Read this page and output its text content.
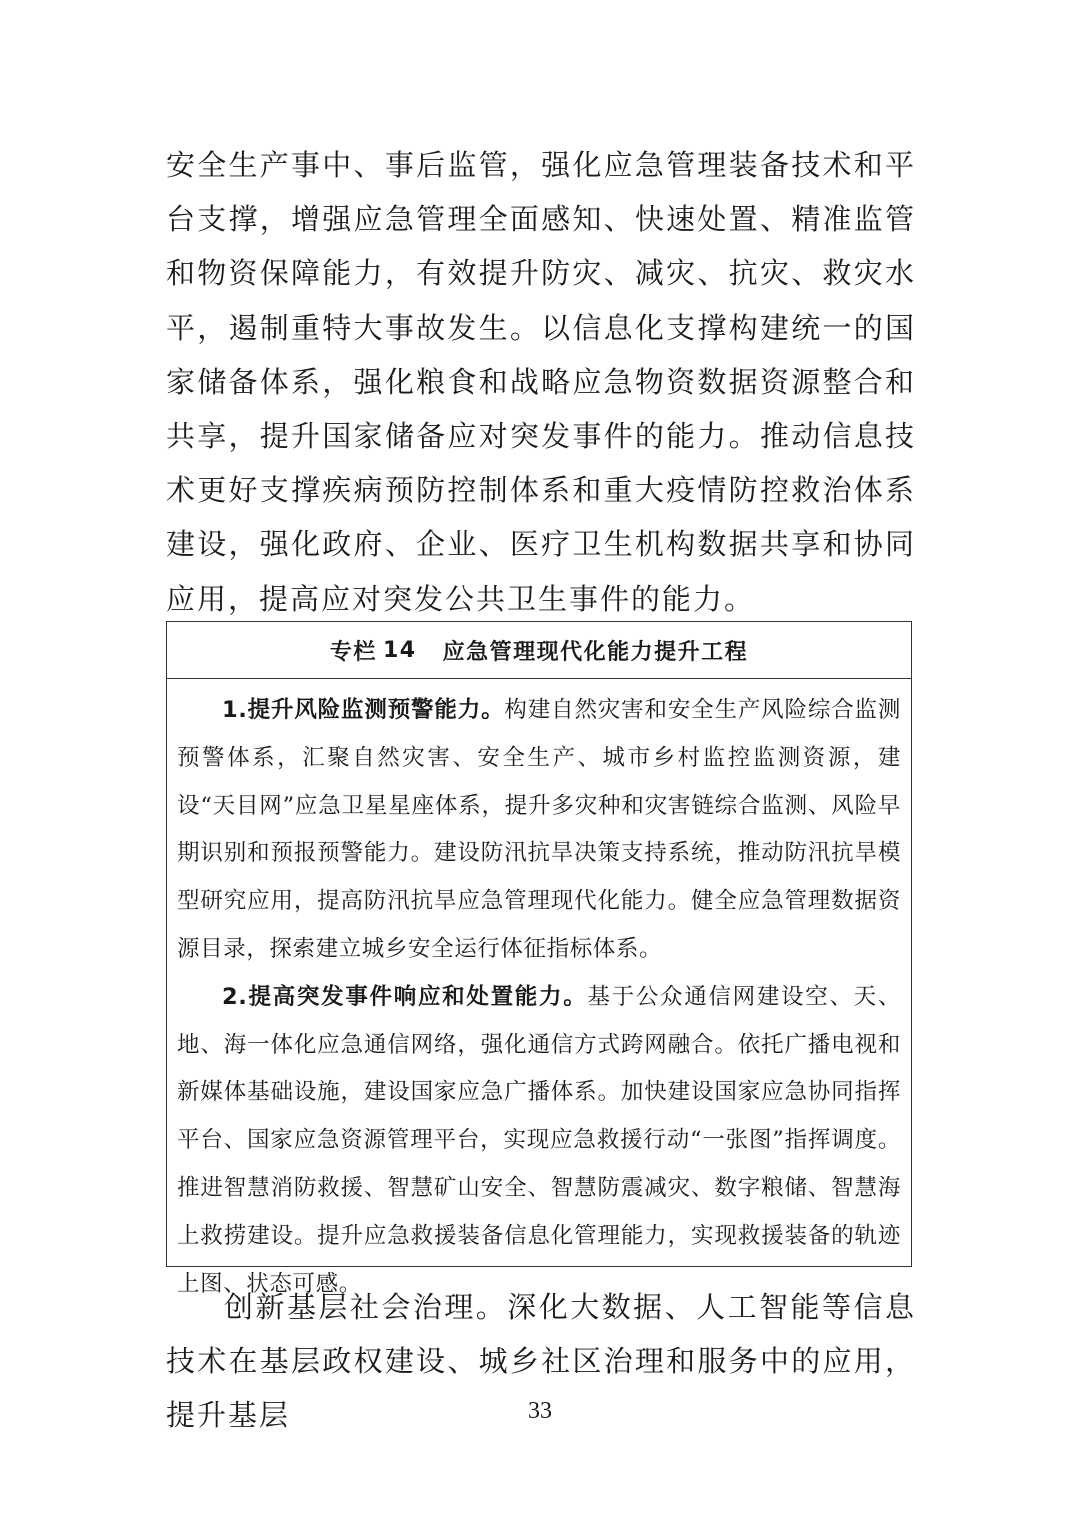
安全生产事中、事后监管，强化应急管理装备技术和平台支撑，增强应急管理全面感知、快速处置、精准监管和物资保障能力，有效提升防灾、减灾、抗灾、救灾水平，遏制重特大事故发生。以信息化支撑构建统一的国家储备体系，强化粮食和战略应急物资数据资源整合和共享，提升国家储备应对突发事件的能力。推动信息技术更好支撑疾病预防控制体系和重大疫情防控救治体系建设，强化政府、企业、医疗卫生机构数据共享和协同应用，提高应对突发公共卫生事件的能力。
专栏 14 应急管理现代化能力提升工程

1.提升风险监测预警能力。构建自然灾害和安全生产风险综合监测预警体系，汇聚自然灾害、安全生产、城市乡村监控监测资源，建设“天目网”应急卫星星座体系，提升多灾种和灾害链综合监测、风险早期识别和预报预警能力。建设防汛抗旱决策支持系统，推动防汛抗旱模型研究应用，提高防汛抗旱应急管理现代化能力。健全应急管理数据资源目录，探索建立城乡安全运行体征指标体系。

2.提高突发事件响应和处置能力。基于公众通信网建设空、天、地、海一体化应急通信网络，强化通信方式跨网融合。依托广播电视和新媒体基础设施，建设国家应急广播体系。加快建设国家应急协同指挥平台、国家应急资源管理平台，实现应急救援行动“一张图”指挥调度。推进智慧消防救援、智慧矿山安全、智慧防震减灾、数字粮储、智慧海上救捞建设。提升应急救援装备信息化管理能力，实现救援装备的轨迹上图、状态可感。

创新基层社会治理。深化大数据、人工智能等信息技术在基层政权建设、城乡社区治理和服务中的应用，提升基层	33
